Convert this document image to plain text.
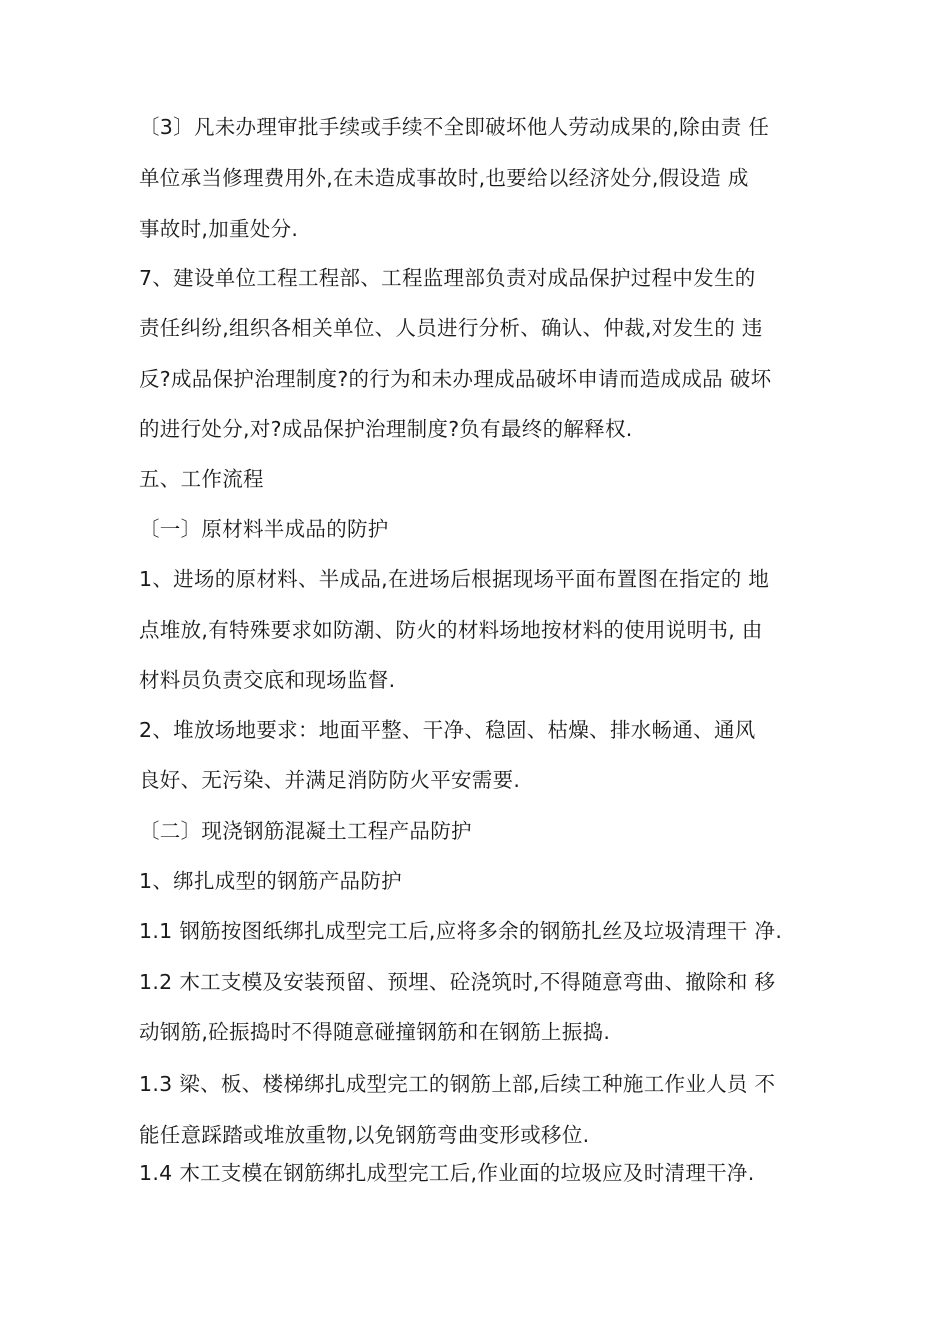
〔3〕凡未办理审批手续或手续不全即破坏他人劳动成果的,除由责 任
单位承当修理费用外,在未造成事故时,也要给以经济处分,假设造 成
事故时,加重处分.
7、建设单位工程工程部、工程监理部负责对成品保护过程中发生的
责任纠纷,组织各相关单位、人员进行分析、确认、仲裁,对发生的 违
反?成品保护治理制度?的行为和未办理成品破坏申请而造成成品 破坏
的进行处分,对?成品保护治理制度?负有最终的解释权.
五、工作流程
〔一〕原材料半成品的防护
1、进场的原材料、半成品,在进场后根据现场平面布置图在指定的 地
点堆放,有特殊要求如防潮、防火的材料场地按材料的使用说明书, 由
材料员负责交底和现场监督.
2、堆放场地要求：地面平整、干净、稳固、枯燥、排水畅通、通风
良好、无污染、并满足消防防火平安需要.
〔二〕现浇钢筋混凝土工程产品防护
1、绑扎成型的钢筋产品防护
1.1 钢筋按图纸绑扎成型完工后,应将多余的钢筋扎丝及垃圾清理干 净.
1.2 木工支模及安装预留、预埋、砼浇筑时,不得随意弯曲、撤除和 移
动钢筋,砼振捣时不得随意碰撞钢筋和在钢筋上振捣.
1.3 梁、板、楼梯绑扎成型完工的钢筋上部,后续工种施工作业人员 不
能任意踩踏或堆放重物,以免钢筋弯曲变形或移位.
1.4 木工支模在钢筋绑扎成型完工后,作业面的垃圾应及时清理干净.
